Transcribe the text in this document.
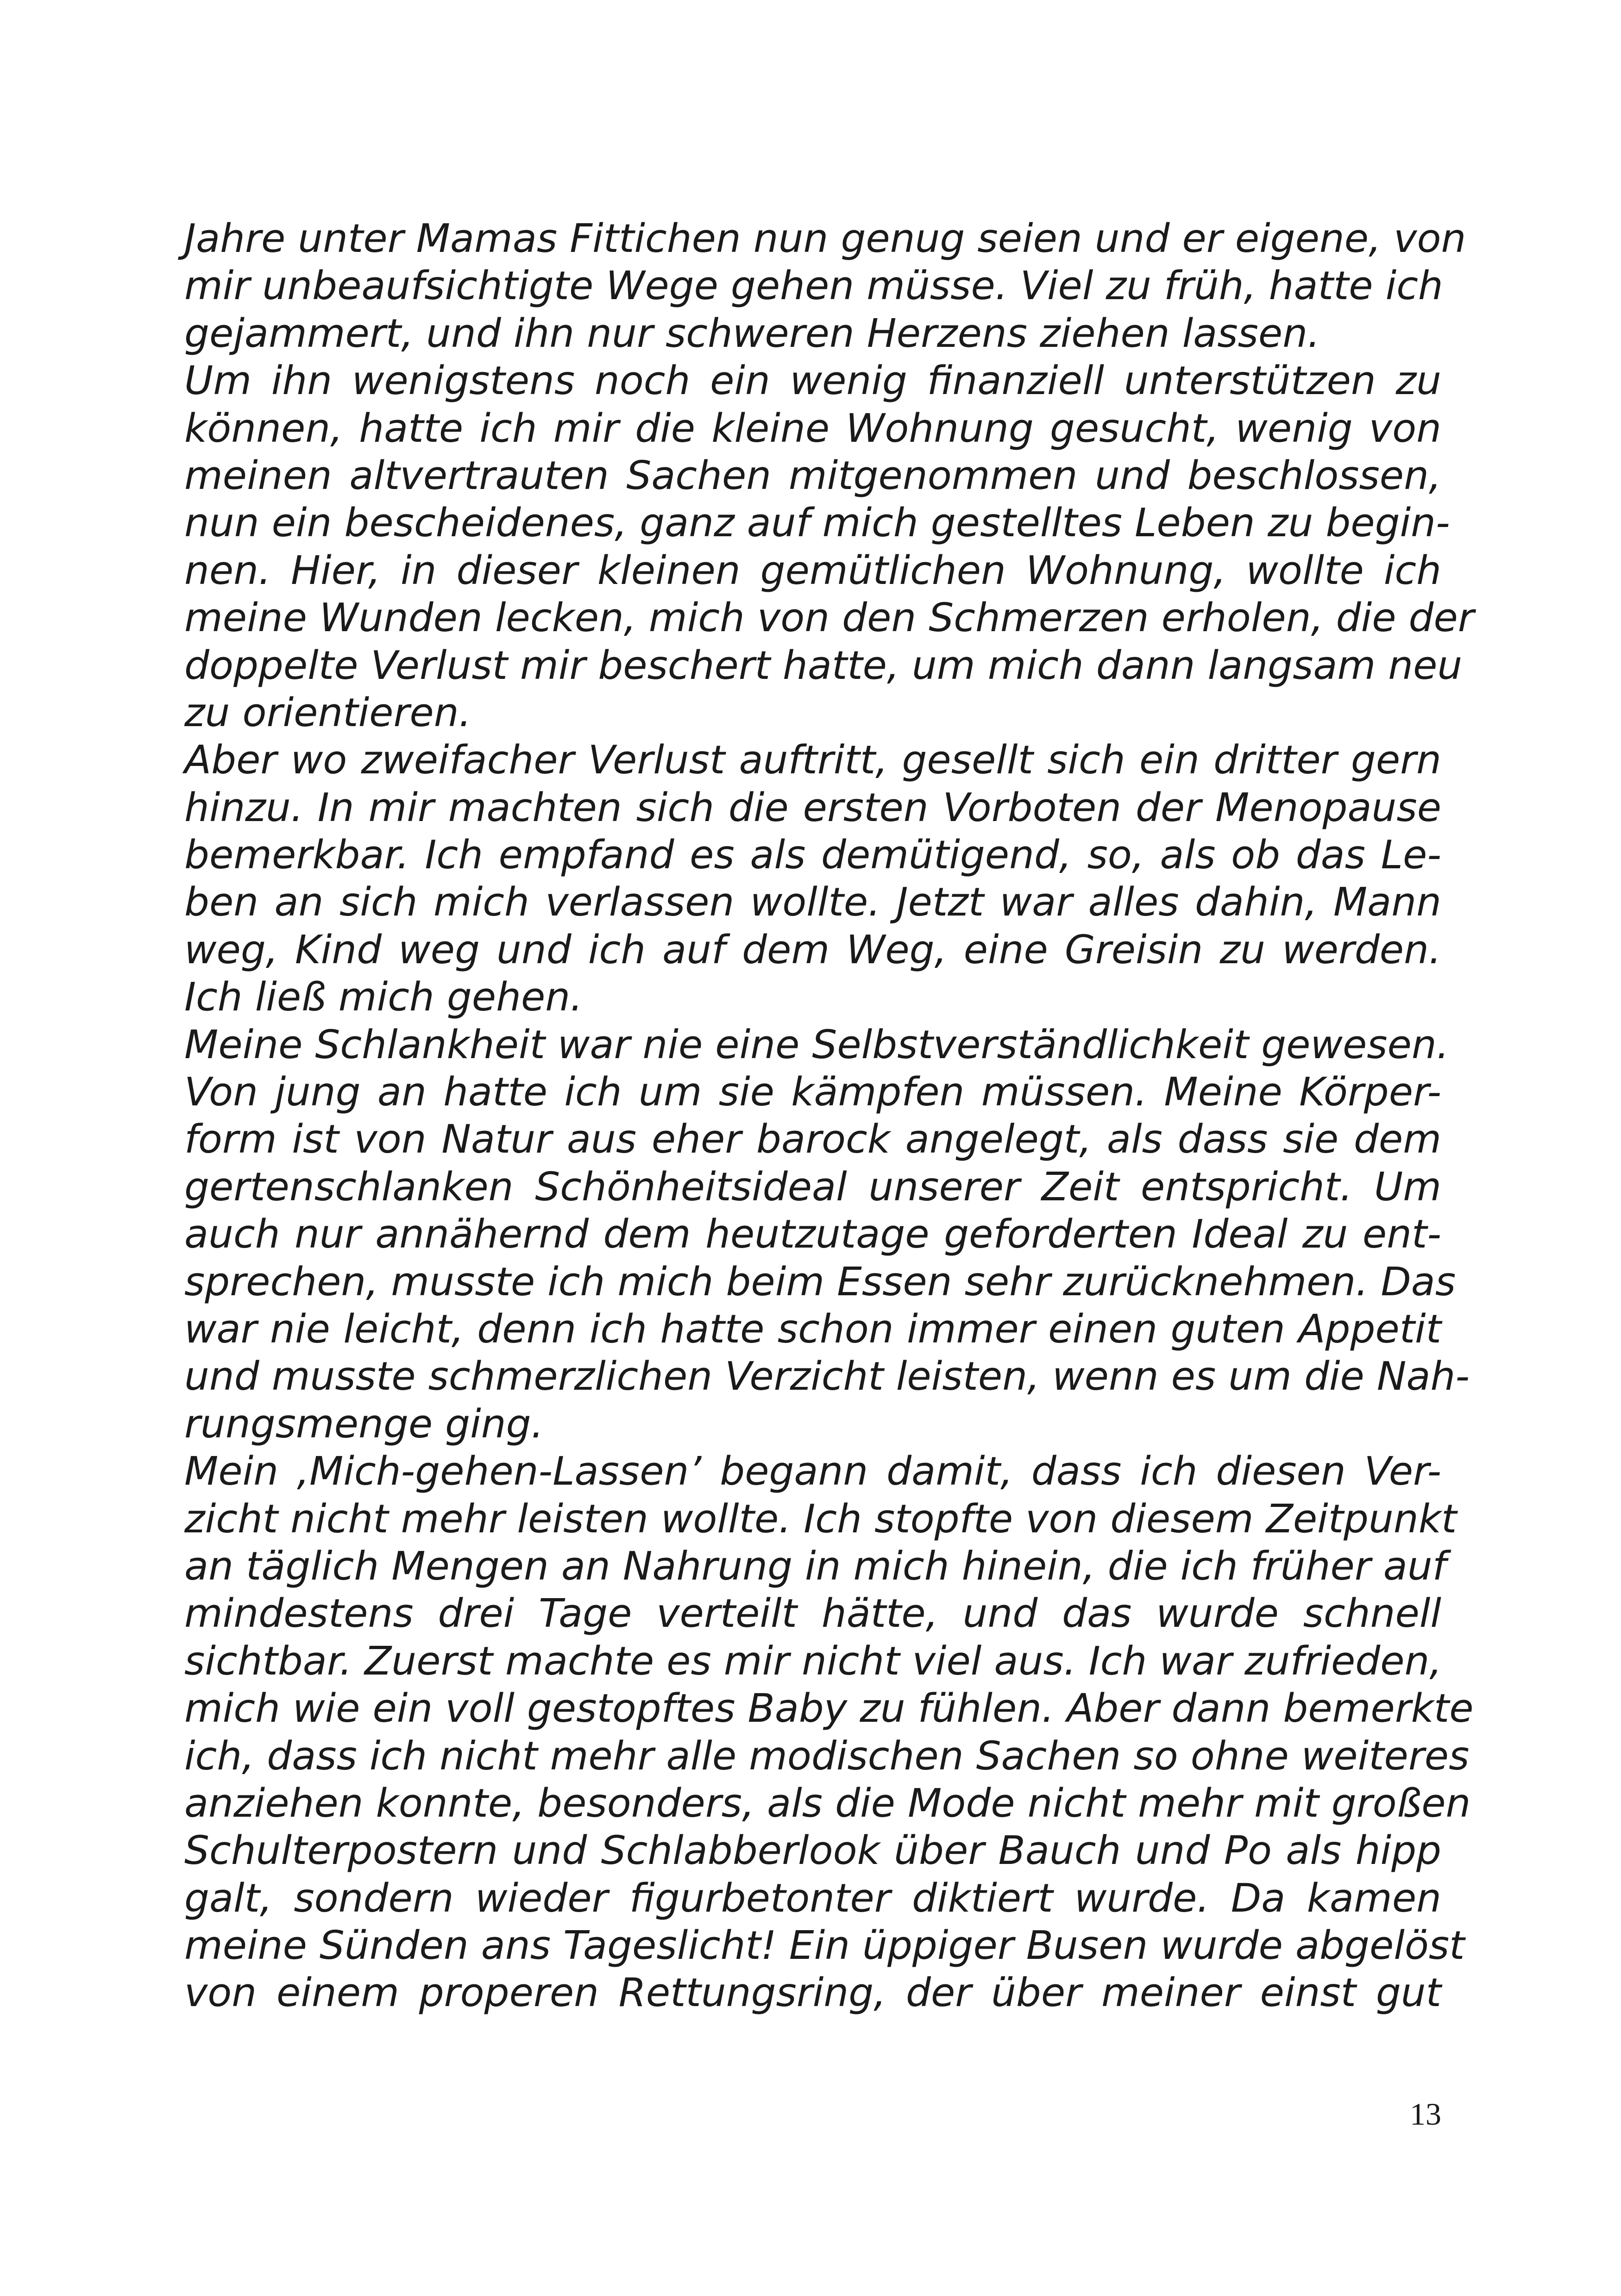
Jahre unter Mamas Fittichen nun genug seien und er eigene, von
mir unbeaufsichtigte Wege gehen müsse. Viel zu früh, hatte ich
gejammert, und ihn nur schweren Herzens ziehen lassen.
Um ihn wenigstens noch ein wenig finanziell unterstützen zu
können, hatte ich mir die kleine Wohnung gesucht, wenig von
meinen altvertrauten Sachen mitgenommen und beschlossen,
nun ein bescheidenes, ganz auf mich gestelltes Leben zu begin-
nen. Hier, in dieser kleinen gemütlichen Wohnung, wollte ich
meine Wunden lecken, mich von den Schmerzen erholen, die der
doppelte Verlust mir beschert hatte, um mich dann langsam neu
zu orientieren.
Aber wo zweifacher Verlust auftritt, gesellt sich ein dritter gern
hinzu. In mir machten sich die ersten Vorboten der Menopause
bemerkbar. Ich empfand es als demütigend, so, als ob das Le-
ben an sich mich verlassen wollte. Jetzt war alles dahin, Mann
weg, Kind weg und ich auf dem Weg, eine Greisin zu werden.
Ich ließ mich gehen.
Meine Schlankheit war nie eine Selbstverständlichkeit gewesen.
Von jung an hatte ich um sie kämpfen müssen. Meine Körper-
form ist von Natur aus eher barock angelegt, als dass sie dem
gertenschlanken Schönheitsideal unserer Zeit entspricht. Um
auch nur annähernd dem heutzutage geforderten Ideal zu ent-
sprechen, musste ich mich beim Essen sehr zurücknehmen. Das
war nie leicht, denn ich hatte schon immer einen guten Appetit
und musste schmerzlichen Verzicht leisten, wenn es um die Nah-
rungsmenge ging.
Mein ‚Mich-gehen-Lassen’ begann damit, dass ich diesen Ver-
zicht nicht mehr leisten wollte. Ich stopfte von diesem Zeitpunkt
an täglich Mengen an Nahrung in mich hinein, die ich früher auf
mindestens drei Tage verteilt hätte, und das wurde schnell
sichtbar. Zuerst machte es mir nicht viel aus. Ich war zufrieden,
mich wie ein voll gestopftes Baby zu fühlen. Aber dann bemerkte
ich, dass ich nicht mehr alle modischen Sachen so ohne weiteres
anziehen konnte, besonders, als die Mode nicht mehr mit großen
Schulterpostern und Schlabberlook über Bauch und Po als hipp
galt, sondern wieder figurbetonter diktiert wurde. Da kamen
meine Sünden ans Tageslicht! Ein üppiger Busen wurde abgelöst
von einem properen Rettungsring, der über meiner einst gut
13
